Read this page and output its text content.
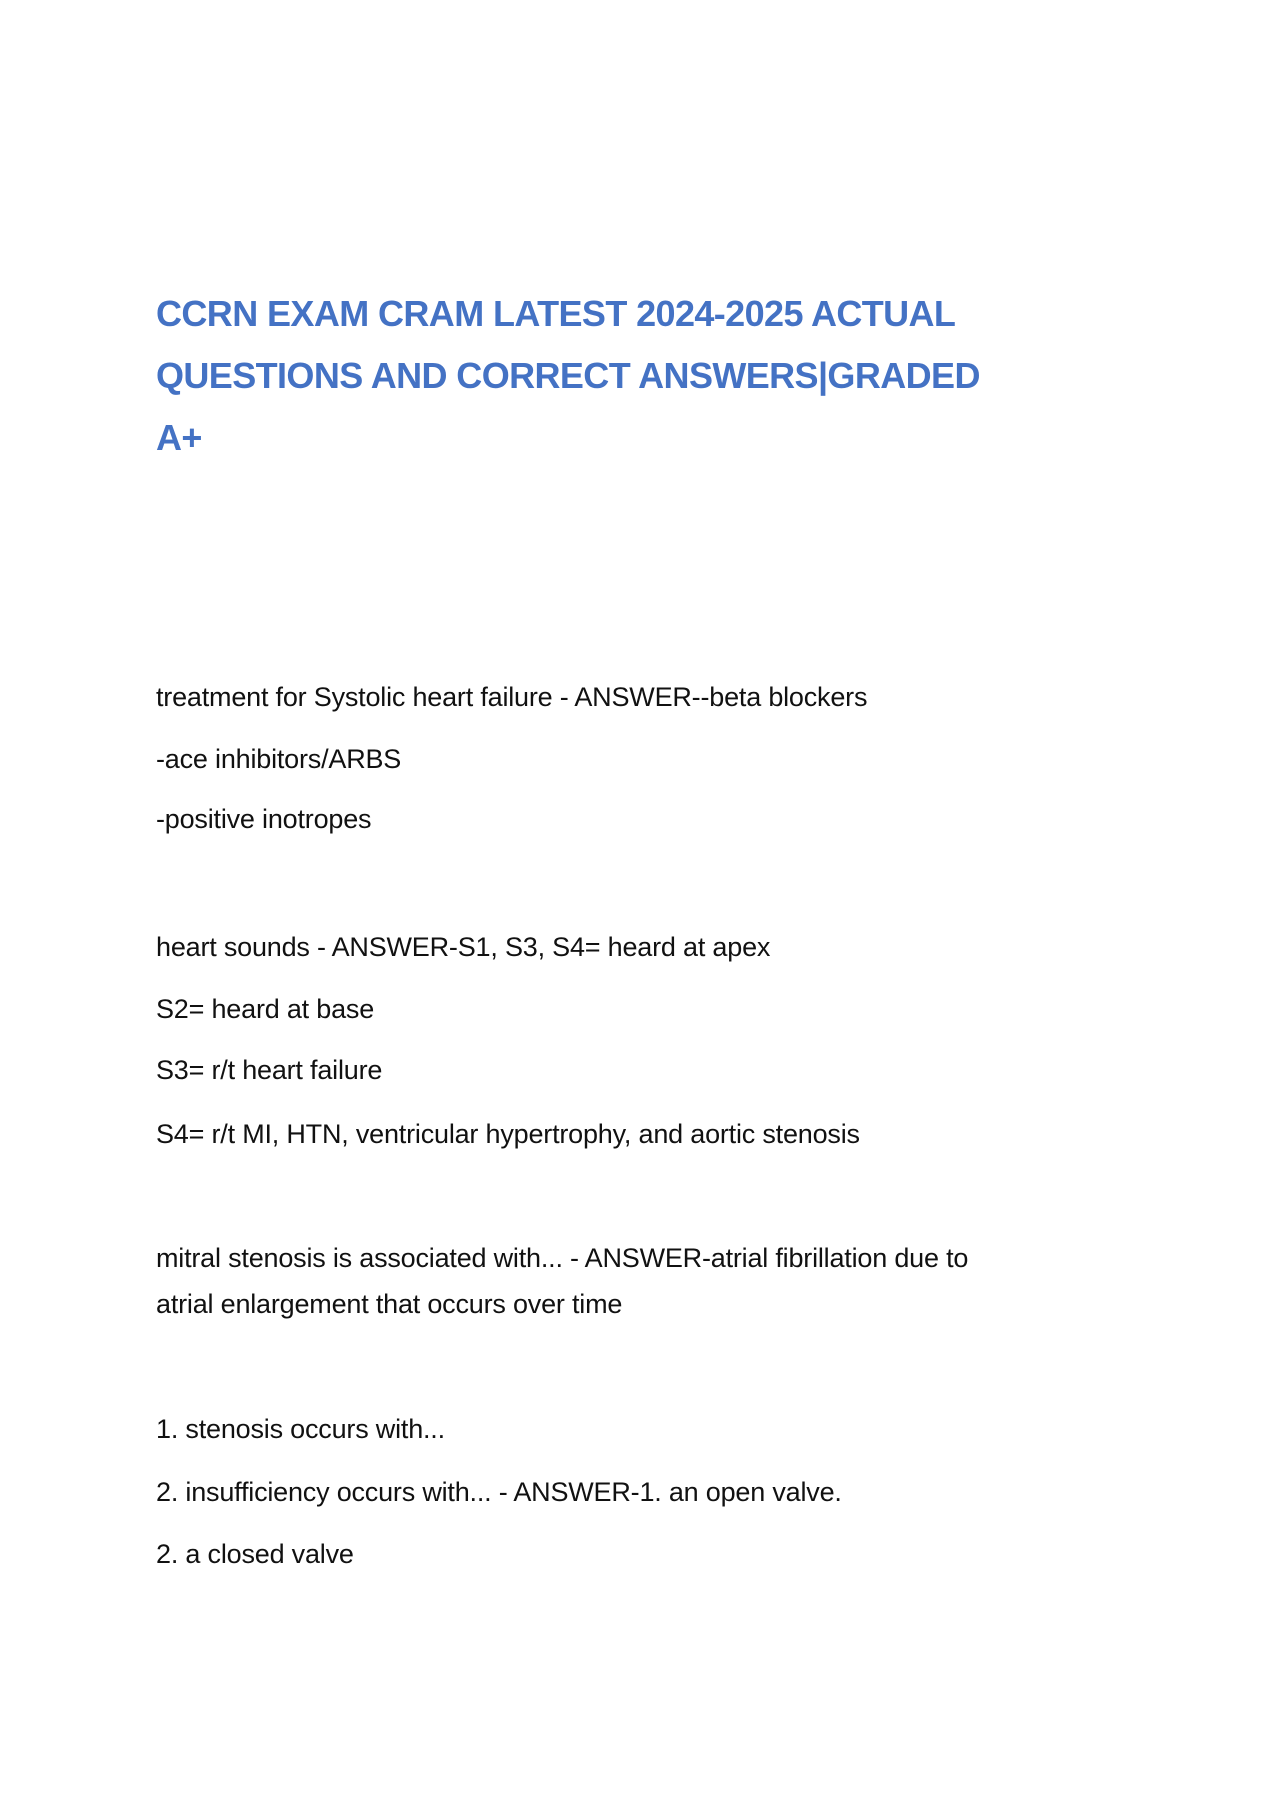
CCRN EXAM CRAM LATEST 2024-2025 ACTUAL
QUESTIONS AND CORRECT ANSWERS|GRADED
A+

treatment for Systolic heart failure - ANSWER--beta blockers

-ace inhibitors/ARBS

-positive inotropes

heart sounds - ANSWER-S1, S3, S4= heard at apex

S2= heard at base

S3= r/t heart failure

S4= r/t MI, HTN, ventricular hypertrophy, and aortic stenosis

mitral stenosis is associated with... - ANSWER-atrial fibrillation due to

atrial enlargement that occurs over time

1. stenosis occurs with...

2. insufficiency occurs with... - ANSWER-1. an open valve.

2. a closed valve
